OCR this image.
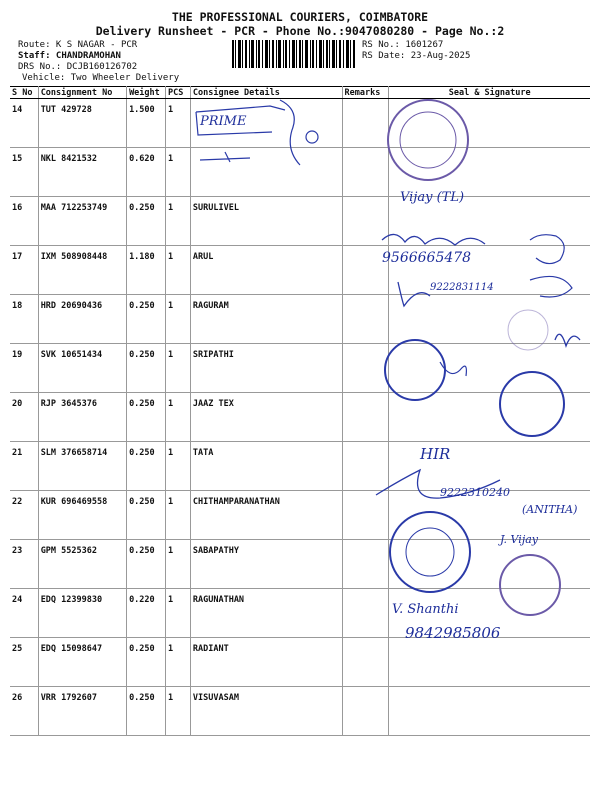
THE PROFESSIONAL COURIERS, COIMBATORE
Delivery Runsheet - PCR - Phone No.:9047080280 - Page No.:2
Route: K S NAGAR - PCR
Staff: CHANDRAMOHAN
DRS No.: DCJB160126702
Vehicle: Two Wheeler Delivery
RS No.: 1601267
RS Date: 23-Aug-2025
S No	Consignment No	Weight	PCS	Consignee Details	Remarks	Seal & Signature
14	TUT 429728	1.500	1			
15	NKL 8421532	0.620	1			
16	MAA 712253749	0.250	1	SURULIVEL		
17	IXM 508908448	1.180	1	ARUL		
18	HRD 20690436	0.250	1	RAGURAM		
19	SVK 10651434	0.250	1	SRIPATHI		
20	RJP 3645376	0.250	1	JAAZ TEX		
21	SLM 376658714	0.250	1	TATA		
22	KUR 696469558	0.250	1	CHITHAMPARANATHAN		
23	GPM 5525362	0.250	1	SABAPATHY		
24	EDQ 12399830	0.220	1	RAGUNATHAN		
25	EDQ 15098647	0.250	1	RADIANT		
26	VRR 1792607	0.250	1	VISUVASAM		
PRIME
Vijay (TL)
9566665478
9222831114
HIR
9222310240
(ANITHA)
J. Vijay
V. Shanthi
9842985806
